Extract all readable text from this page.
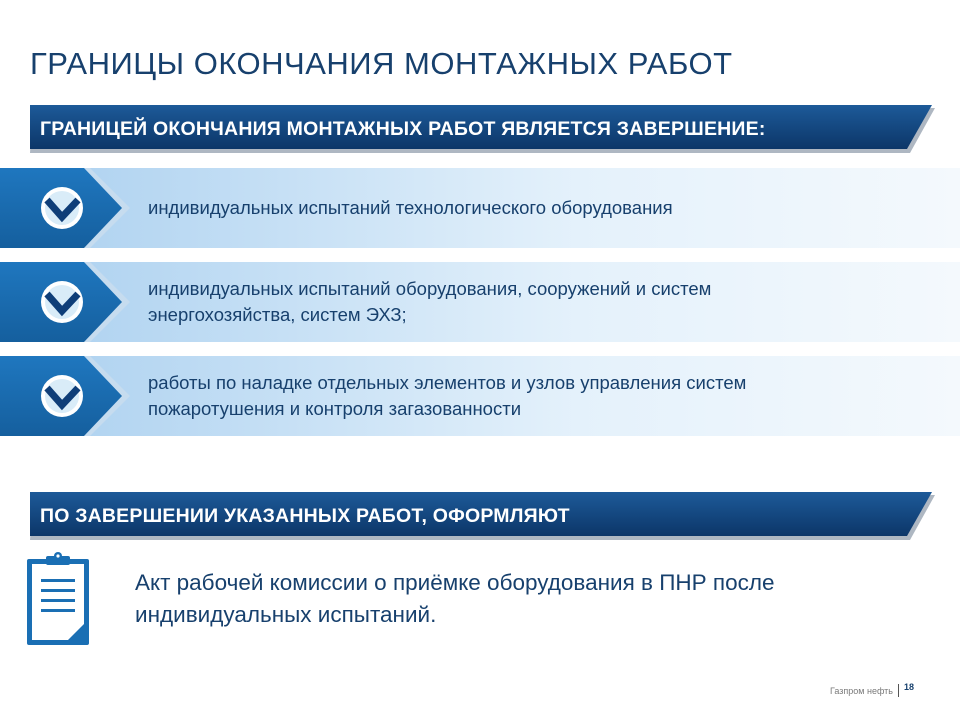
ГРАНИЦЫ ОКОНЧАНИЯ МОНТАЖНЫХ РАБОТ
ГРАНИЦЕЙ ОКОНЧАНИЯ МОНТАЖНЫХ РАБОТ ЯВЛЯЕТСЯ ЗАВЕРШЕНИЕ:
индивидуальных испытаний технологического оборудования
индивидуальных испытаний оборудования, сооружений и систем
энергохозяйства, систем ЭХЗ;
работы по наладке отдельных элементов и узлов управления систем
пожаротушения и контроля загазованности
ПО ЗАВЕРШЕНИИ УКАЗАННЫХ РАБОТ, ОФОРМЛЯЮТ
Акт рабочей комиссии о приёмке оборудования в ПНР после
индивидуальных испытаний.
Газпром нефть 18
